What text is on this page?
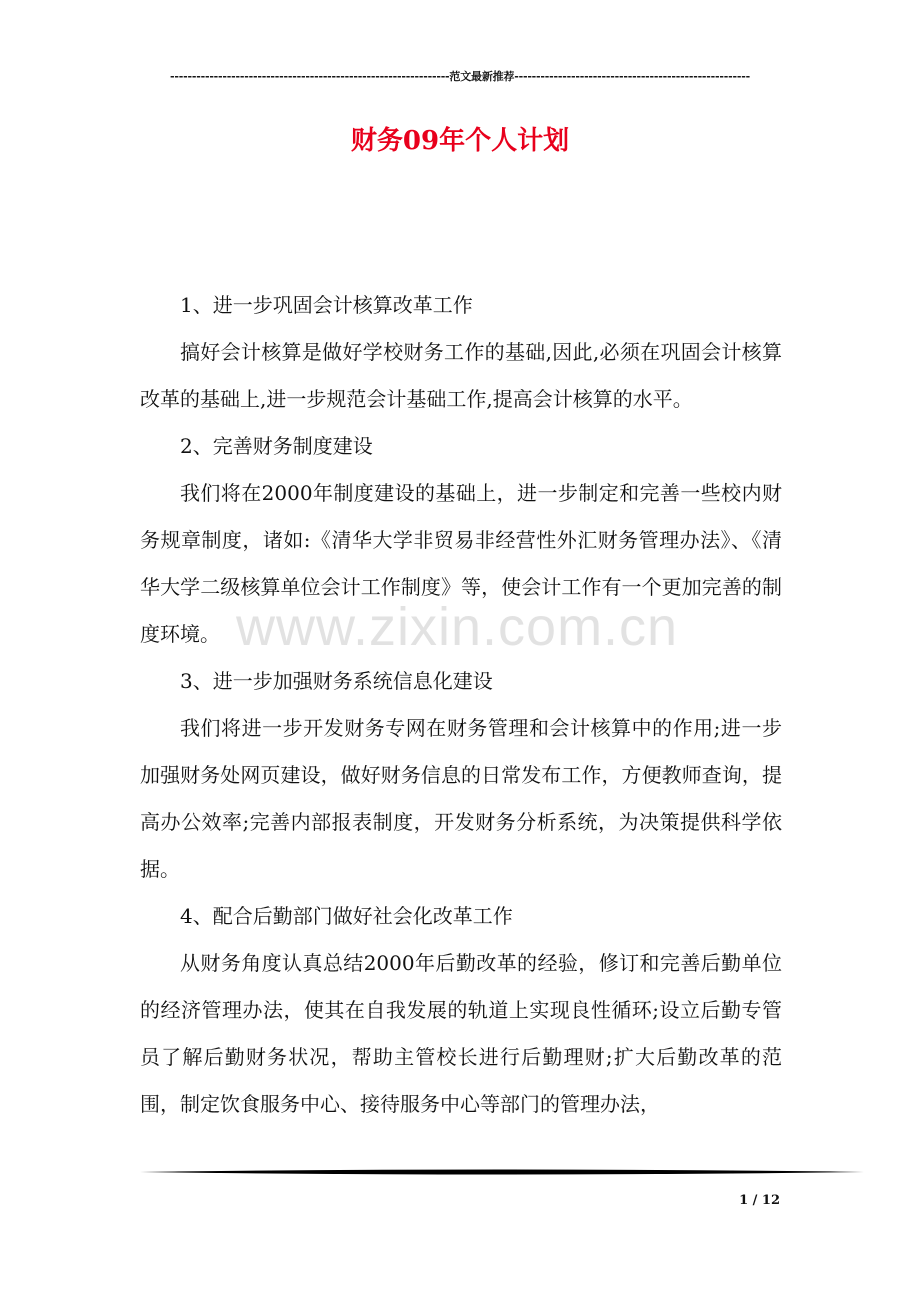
----------------------------------------------------------------范文最新推荐------------------------------------------------------
财务09年个人计划

1、进一步巩固会计核算改革工作

搞好会计核算是做好学校财务工作的基础,因此,必须在巩固会计核算改革的基础上,进一步规范会计基础工作,提高会计核算的水平。

2、完善财务制度建设

我们将在2000年制度建设的基础上，进一步制定和完善一些校内财务规章制度，诸如:《清华大学非贸易非经营性外汇财务管理办法》、《清华大学二级核算单位会计工作制度》等，使会计工作有一个更加完善的制度环境。

3、进一步加强财务系统信息化建设

我们将进一步开发财务专网在财务管理和会计核算中的作用;进一步加强财务处网页建设，做好财务信息的日常发布工作，方便教师查询，提高办公效率;完善内部报表制度，开发财务分析系统，为决策提供科学依据。

4、配合后勤部门做好社会化改革工作

从财务角度认真总结2000年后勤改革的经验，修订和完善后勤单位的经济管理办法，使其在自我发展的轨道上实现良性循环;设立后勤专管员了解后勤财务状况，帮助主管校长进行后勤理财;扩大后勤改革的范围，制定饮食服务中心、接待服务中心等部门的管理办法，

www.zixin.com.cn
1 / 12
